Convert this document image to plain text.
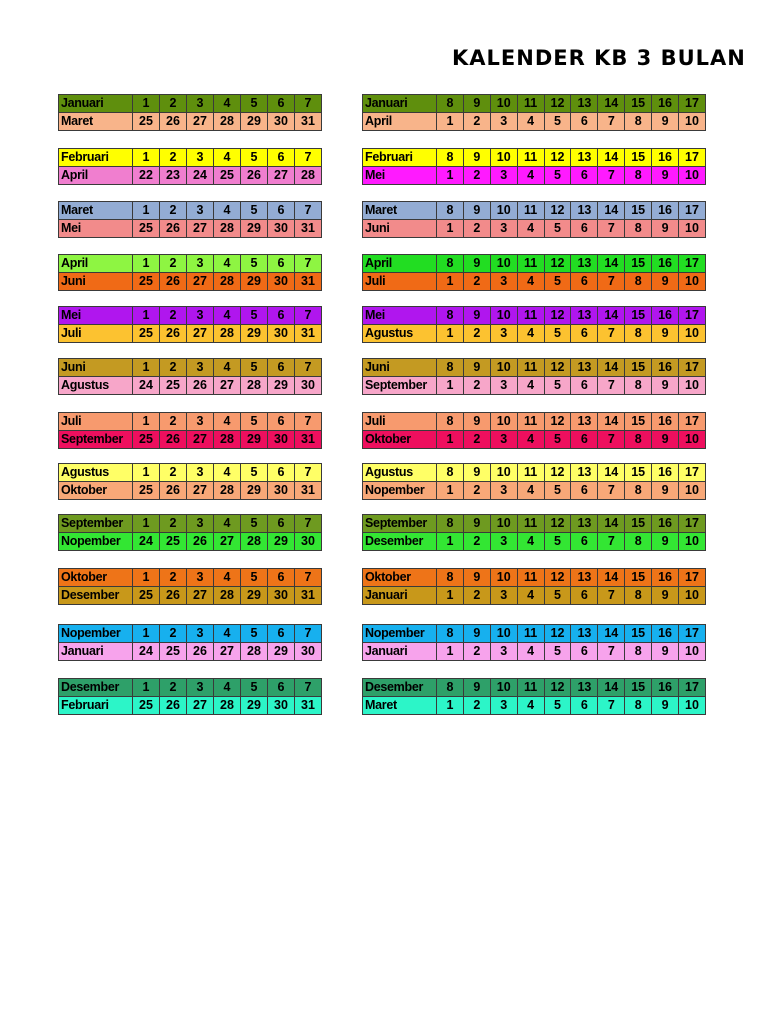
KALENDER KB 3 BULAN
Januari	1	2	3	4	5	6	7
Maret	25	26	27	28	29	30	31
Januari	8	9	10	11	12	13	14	15	16	17
April	1	2	3	4	5	6	7	8	9	10
Februari	1	2	3	4	5	6	7
April	22	23	24	25	26	27	28
Februari	8	9	10	11	12	13	14	15	16	17
Mei	1	2	3	4	5	6	7	8	9	10
Maret	1	2	3	4	5	6	7
Mei	25	26	27	28	29	30	31
Maret	8	9	10	11	12	13	14	15	16	17
Juni	1	2	3	4	5	6	7	8	9	10
April	1	2	3	4	5	6	7
Juni	25	26	27	28	29	30	31
April	8	9	10	11	12	13	14	15	16	17
Juli	1	2	3	4	5	6	7	8	9	10
Mei	1	2	3	4	5	6	7
Juli	25	26	27	28	29	30	31
Mei	8	9	10	11	12	13	14	15	16	17
Agustus	1	2	3	4	5	6	7	8	9	10
Juni	1	2	3	4	5	6	7
Agustus	24	25	26	27	28	29	30
Juni	8	9	10	11	12	13	14	15	16	17
September	1	2	3	4	5	6	7	8	9	10
Juli	1	2	3	4	5	6	7
September	25	26	27	28	29	30	31
Juli	8	9	10	11	12	13	14	15	16	17
Oktober	1	2	3	4	5	6	7	8	9	10
Agustus	1	2	3	4	5	6	7
Oktober	25	26	27	28	29	30	31
Agustus	8	9	10	11	12	13	14	15	16	17
Nopember	1	2	3	4	5	6	7	8	9	10
September	1	2	3	4	5	6	7
Nopember	24	25	26	27	28	29	30
September	8	9	10	11	12	13	14	15	16	17
Desember	1	2	3	4	5	6	7	8	9	10
Oktober	1	2	3	4	5	6	7
Desember	25	26	27	28	29	30	31
Oktober	8	9	10	11	12	13	14	15	16	17
Januari	1	2	3	4	5	6	7	8	9	10
Nopember	1	2	3	4	5	6	7
Januari	24	25	26	27	28	29	30
Nopember	8	9	10	11	12	13	14	15	16	17
Januari	1	2	3	4	5	6	7	8	9	10
Desember	1	2	3	4	5	6	7
Februari	25	26	27	28	29	30	31
Desember	8	9	10	11	12	13	14	15	16	17
Maret	1	2	3	4	5	6	7	8	9	10
